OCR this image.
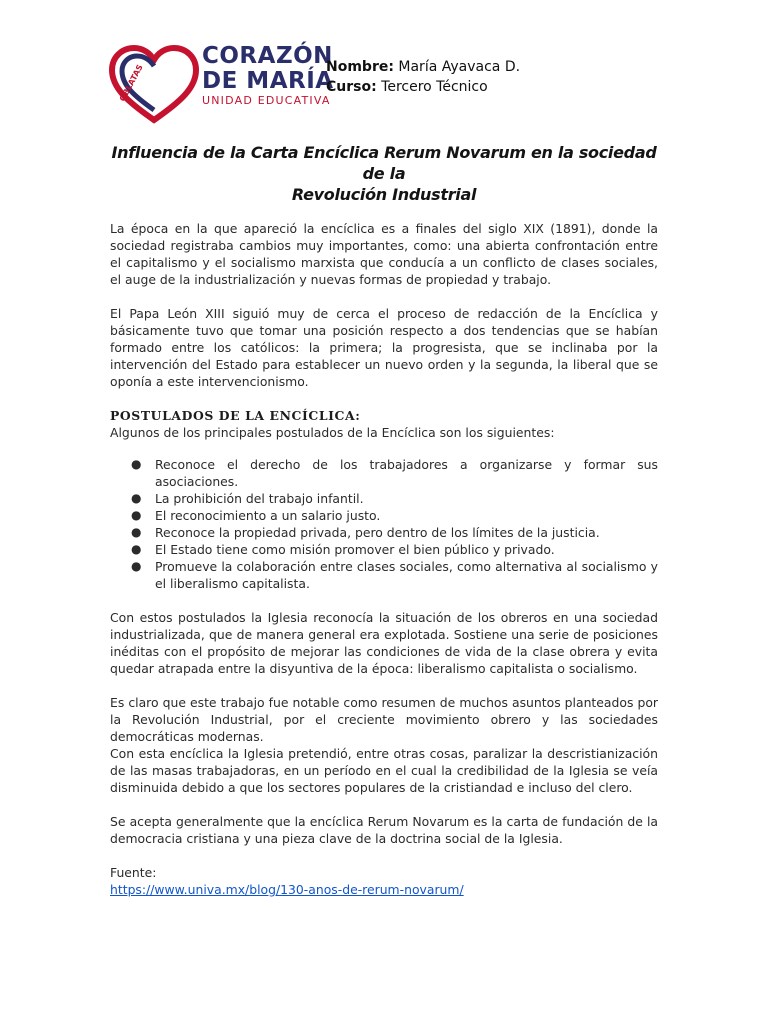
OBLATAS
CORAZÓN
DE MARÍA
UNIDAD EDUCATIVA
Nombre: María Ayavaca D.
Curso: Tercero Técnico
Influencia de la Carta Encíclica Rerum Novarum en la sociedad de la
Revolución Industrial

La época en la que apareció la encíclica es a finales del siglo XIX (1891), donde la sociedad registraba cambios muy importantes, como: una abierta confrontación entre el capitalismo y el socialismo marxista que conducía a un conflicto de clases sociales, el auge de la industrialización y nuevas formas de propiedad y trabajo.

El Papa León XIII siguió muy de cerca el proceso de redacción de la Encíclica y básicamente tuvo que tomar una posición respecto a dos tendencias que se habían formado entre los católicos: la primera; la progresista, que se inclinaba por la intervención del Estado para establecer un nuevo orden y la segunda, la liberal que se oponía a este intervencionismo.

POSTULADOS DE LA ENCÍCLICA:

Algunos de los principales postulados de la Encíclica son los siguientes:

● Reconoce el derecho de los trabajadores a organizarse y formar sus asociaciones.
● La prohibición del trabajo infantil.
● El reconocimiento a un salario justo.
● Reconoce la propiedad privada, pero dentro de los límites de la justicia.
● El Estado tiene como misión promover el bien público y privado.
● Promueve la colaboración entre clases sociales, como alternativa al socialismo y el liberalismo capitalista.

Con estos postulados la Iglesia reconocía la situación de los obreros en una sociedad industrializada, que de manera general era explotada. Sostiene una serie de posiciones inéditas con el propósito de mejorar las condiciones de vida de la clase obrera y evita quedar atrapada entre la disyuntiva de la época: liberalismo capitalista o socialismo.

Es claro que este trabajo fue notable como resumen de muchos asuntos planteados por la Revolución Industrial, por el creciente movimiento obrero y las sociedades democráticas modernas.

Con esta encíclica la Iglesia pretendió, entre otras cosas, paralizar la descristianización de las masas trabajadoras, en un período en el cual la credibilidad de la Iglesia se veía disminuida debido a que los sectores populares de la cristiandad e incluso del clero.

Se acepta generalmente que la encíclica Rerum Novarum es la carta de fundación de la democracia cristiana y una pieza clave de la doctrina social de la Iglesia.

Fuente:

https://www.univa.mx/blog/130-anos-de-rerum-novarum/
